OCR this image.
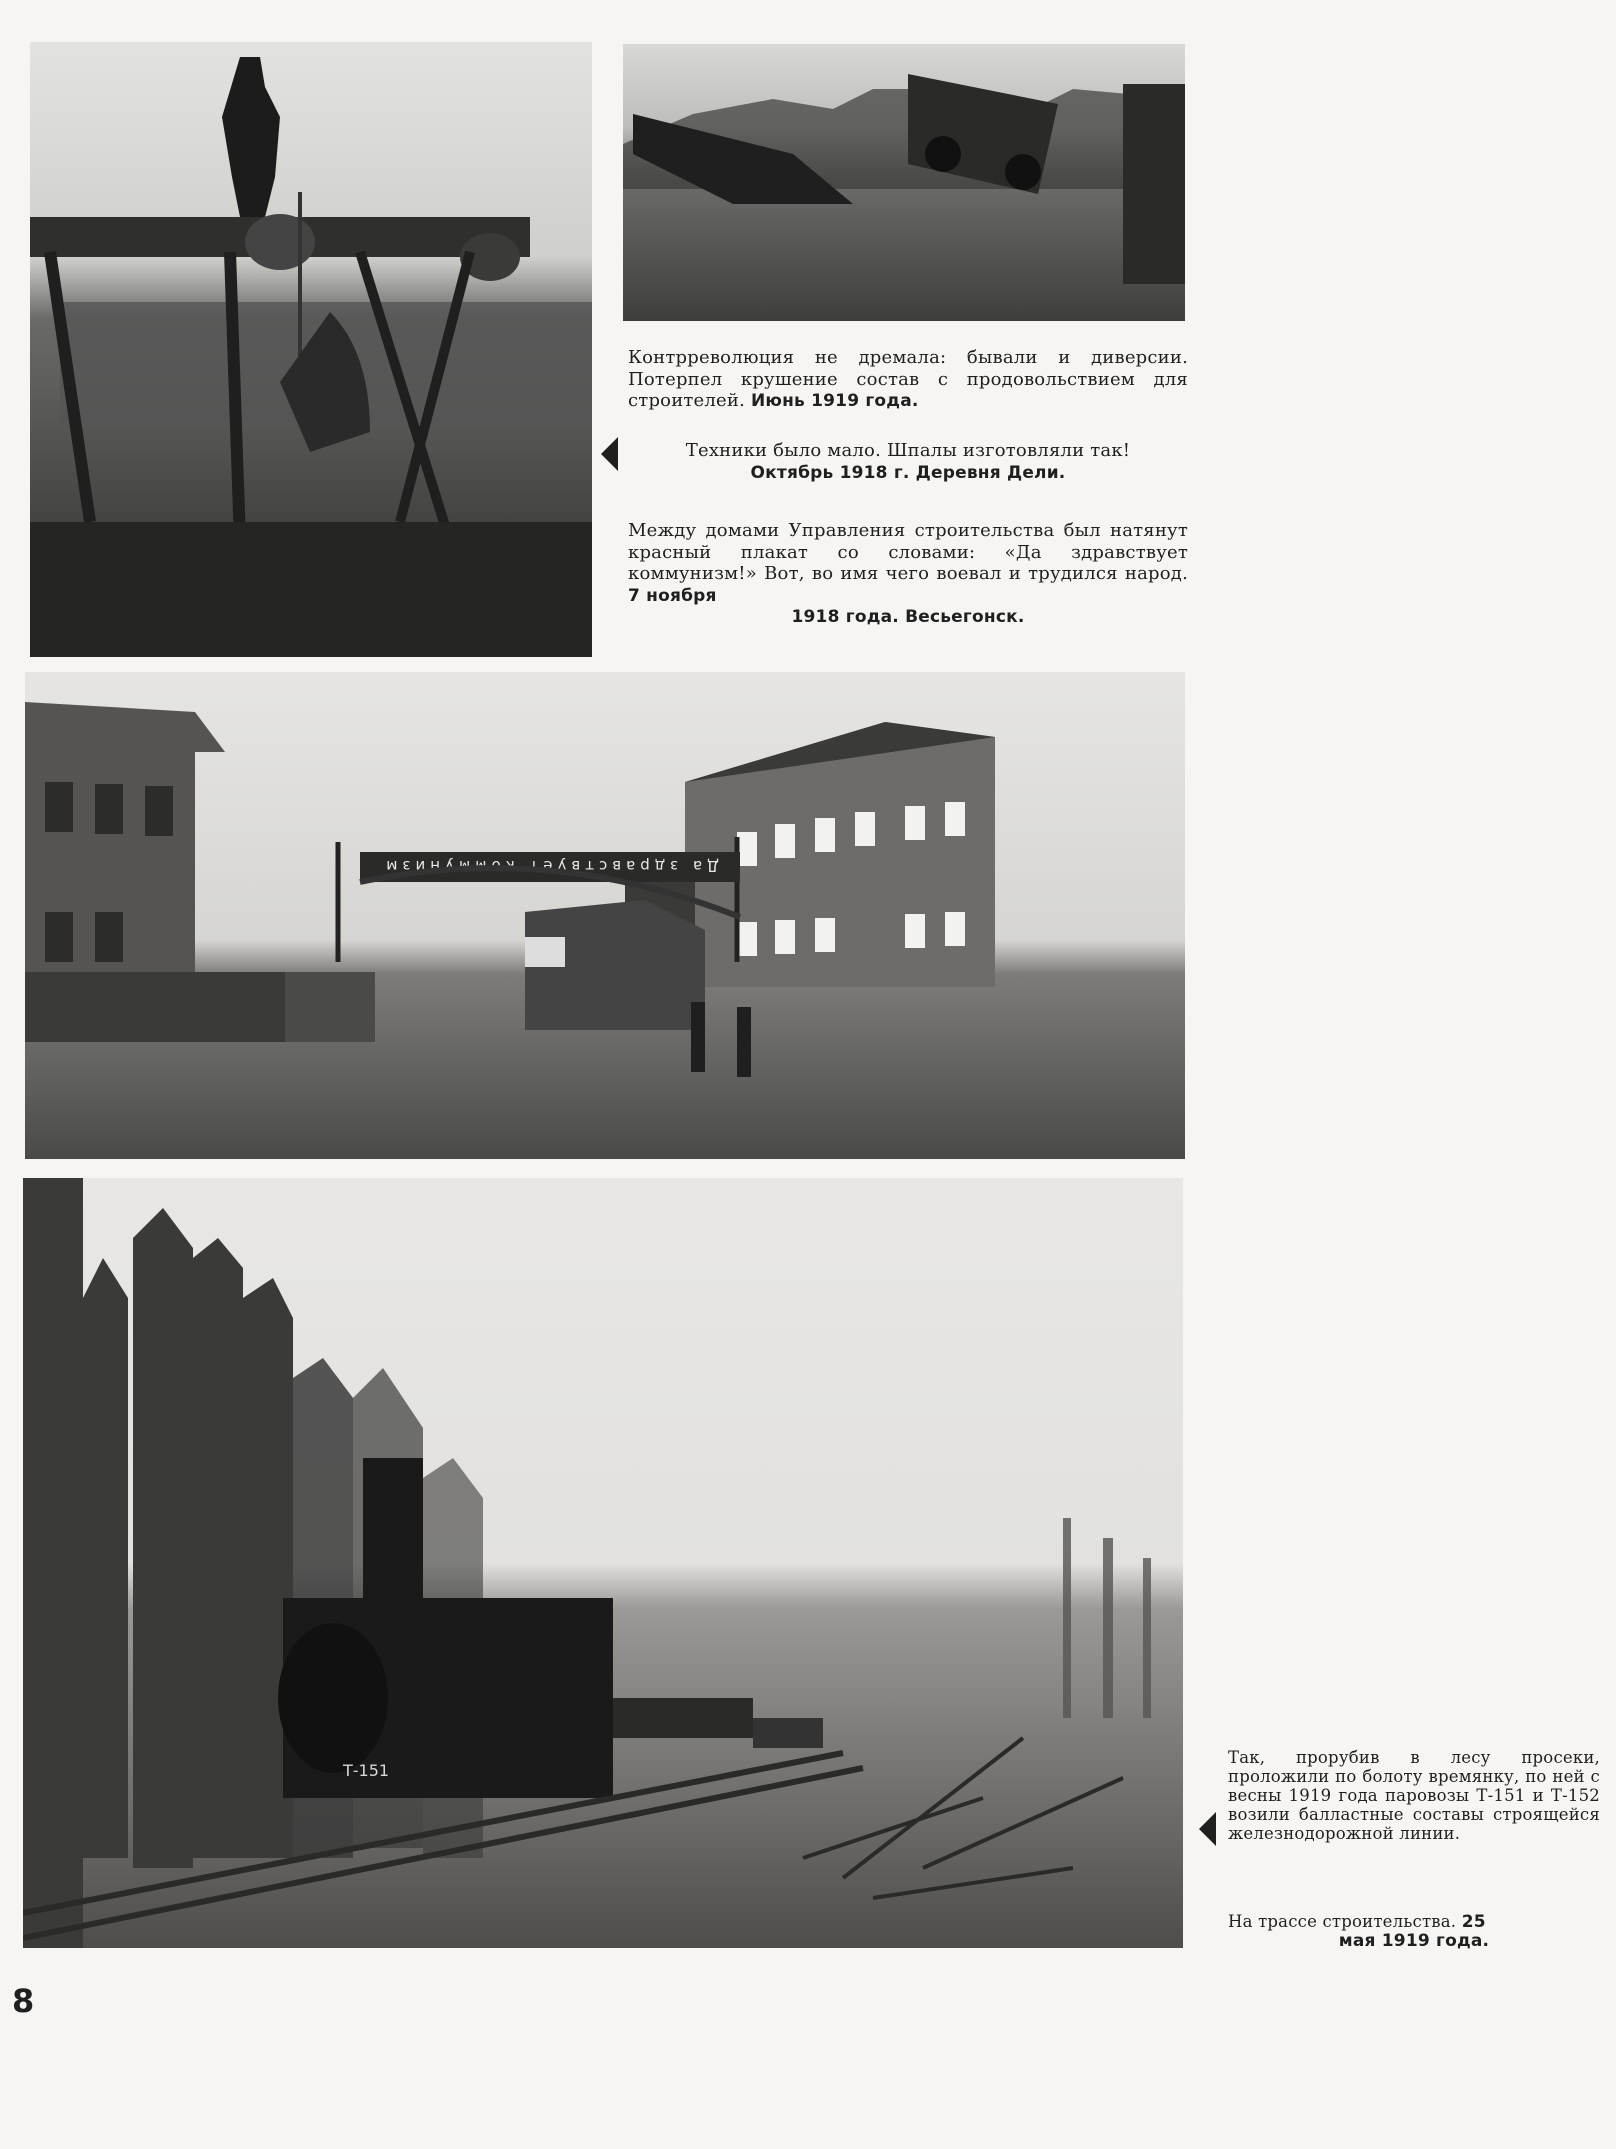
Контрреволюция не дремала: бывали и диверсии. Потерпел крушение состав с продовольствием для строителей. Июнь 1919 года.
Техники было мало. Шпалы изготовляли так!
Октябрь 1918 г. Деревня Дели.
Между домами Управления строительства был натянут красный плакат со словами: «Да здравствует коммунизм!» Вот, во имя чего воевал и трудился народ. 7 ноября
1918 года. Весьегонск.
Да здравствует коммунизм
Т-151
Так, прорубив в лесу просеки, проложили по болоту времянку, по ней с весны 1919 года паровозы Т-151 и Т-152 возили балластные составы строящейся железнодорожной линии.
На трассе строительства. 25
мая 1919 года.
8
